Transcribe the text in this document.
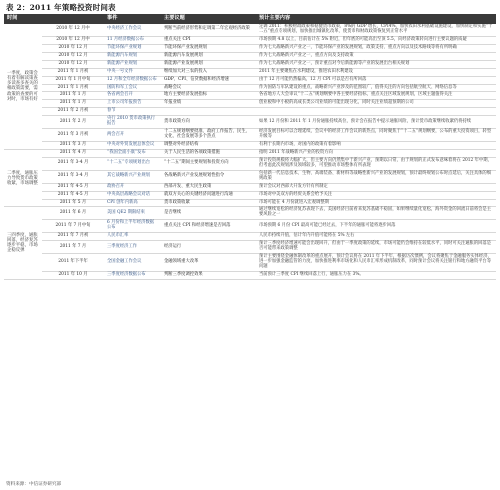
表 2：2011 年策略投资时间表
时间		事件	主要议题	预计主要内容
一季度，政策会有着有解读策查多读查多查关的相政策需要，需政策的查要的可对时，市场有好	2010 年 12 月中	中央经济工作会议	判断当前经济形势和定调第二年宏观经济政策	定调 2011：积极财政政策和稳健货币政策，8%的 GDP 增长，CPI4%，加快农田水利基础设施建设，加快制定和实施“十二五”重点专项规划，加快推出城镇化改革，使货币和财政政策恢复到正常水平
	2010 年 12 月中	11 月经济数据公布	重点关注 CPI	市场预期 4.8 以上，目前估计在 5% 附近，但年底的可能高出至顶 5.5，向经济政策转向进行主要议题的质疑
	2010 年 12 月	节能环保产业规划	节能环保产业发展规划	作为七大战略新兴产业之一，节能环保产业的发展规划，政策支持、重点方向以及技术路线等将有所明确
	2010 年 12 月	新能源汽车规划	新能源汽车发展规划	作为七大战略新兴产业之一，重点方向及支持政策
	2010 年 12 月	新能源产业规划	新能源产业发展规划	作为七大战略新兴产业之一，预计重点对今后新能源等产业的发展出台相关规划
	2011 年 1 月初	中央一号文件	继续加大对三农的投入	2011 年主要聚焦在水利建设，推进农田水利建设
	2011 年 1 月中旬	12 月和全年经济数据公布	GDP、CPI、信贷数据和经济增速	由于 12 月可能仍然偏高，12 月 CPI 可以是否有所回落
	2011 年 1 月初	国防和军工会议	战略会议	作为国防与军队建设的重点，战略新兴产业涉及的范围较广，值得关注的方向包括航空航天、网络信息等
	2011 年 1 月	各省两会召开	地方主要经济发展指标	各省地方人大会审议“十二五”规划纲要中各主要经济指标，重点关注区域发展规划，区域主题值得关注
	2011 年 1 月	上市公司年报预告	年报业绩	创业板和中小板的高成长类公司业绩的可能出现分化，同时关注业绩超预期的公司
	2011 年 2 月初	春节		
	2011 年 2 月	央行 2010 货币政策执行报告	货币政策方向	如果 12 月份和 2011 年 1 月份通胀持续高位，预计会在报告中提示通胀风险，预计货币政策继续收紧仍将持续
	2011 年 3 月初	两会召开	十二五规划纲要批准、政府工作报告、民生、文化、社会发展等多个热点	经济发展目标可以合理延续，会议中的经济工作会议的新热点，同时聚焦于“十二五”规划纲要，公布的重大投资项目，转型升级等
	2011 年 3 月	中央对外贸发展总体会议	调整对外经济结构	有利于长期内市场，对国内的政策有着影响
二季度，通胀压力导致货币政策收紧，市场调整	2011 年 4 月	“我国全面小康”发布	关于人民生活的各项政策措施	指明 2011 年战略新兴产业的投资方向
	2011 年 3-4 月	“十二五”专项规划出台	“十二五”期间主要规划和投资方向	预计投资规模将大幅扩大，但主要方向仍然集中于新兴产业，预期以日常，由于规划的正式发布意味着将在 2012 年中期，但考虑此次规划涉及领域较多，可望推动市场整体有所表现
	2011 年 3-4 月	其它战略新兴产业规划	各战略新兴产业发展规划性指令	包括新一代信息技术、生物、高端装备、新材料等战略性新兴产业的发展规划，预计最终规划公布时点延后，关注具体的细则政策
	2011 年 4-5 月	政协召开	西部开发、重大民生政策	预计会议对西部大开发方针有所制定
	2011 年 4-5 月	中央高层战略会议对话	就双方关心的关键经济问题进行沟通	市场对中美双方的经贸关系会给予关注
	2011 年 5 月	CPI 创年内新高	货币政策收紧	市场可能在 4 月份就进入宏观调整期
三四季度，通胀回落，经济复苏逐步平稳，市场企稳反弹	2011 年 6 月	美国 QE2 期限结束	是否继续	通过继续宽松的经济复苏表现下去，美国经济目前看来复苏基础不稳固，如果继续量化宽松，海外资金的回流日前将会是主要风险之一
	2011 年 7 月中旬	6 月份和上半年经济数据公布	重点关注 CPI 和经济增速是否回落	市场预期 6 月份 CPI 最高可能已经过去，下半年的通胀可能将逐步回落
	2011 年 7 月初	人民币汇率		人民币持续升值，估计年内升值可能将在 5% 左右
	2011 年 7 月	三季度经济工作	经济运行	预计三季度经济增速可能会出现回升，但由于一季度政策的延续，市场可能仍会维持在较低水平，同时可关注通胀的回落是否可能带来政策调整
	2011 年下半年	全国金融工作会议	金融领域重大改革	预计主要围绕金融体制改革的重点展开，预计会议将在 2011 年下半年，根据历次惯例，会议将聚焦于金融服务实体经济，进一步加强金融监管的力度，加快推进利率市场化和人民币汇率形成机制改革，同时预计会议将关注银行和地方融资平台等问题
	2011 年 10 月	三季度经济数据公布	判断三季度调控效果	当前预计三季度 CPI 继续回落上行，通胀压力在 3%。
资料来源：中信证券研究部
